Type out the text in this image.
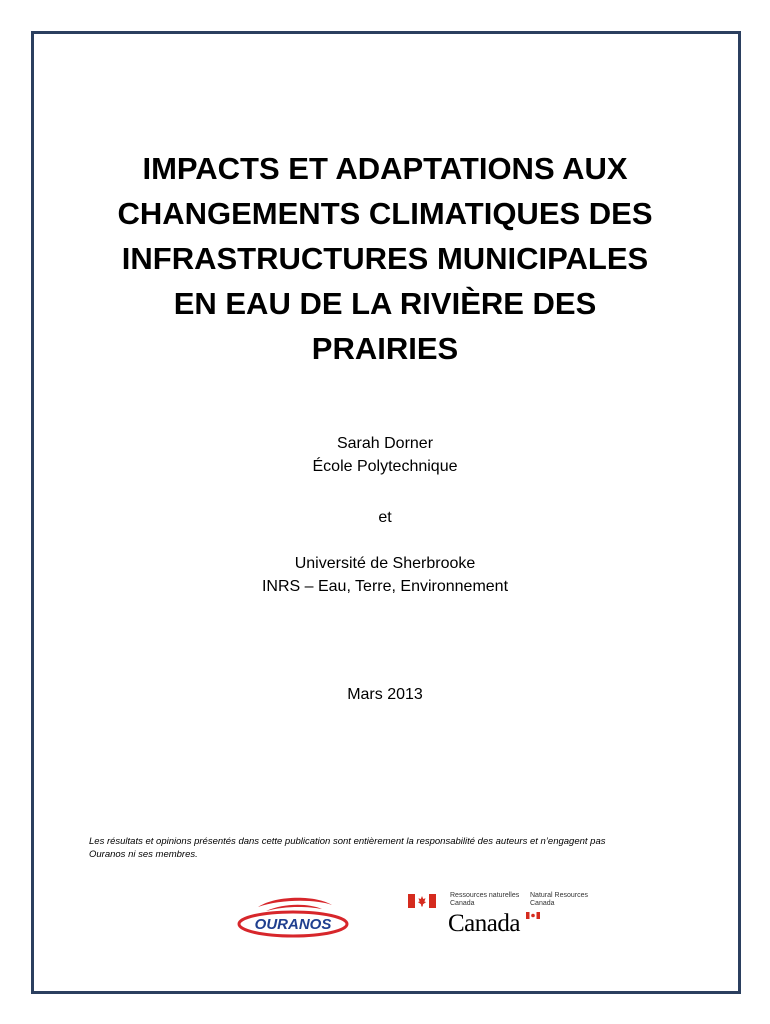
IMPACTS ET ADAPTATIONS AUX
CHANGEMENTS CLIMATIQUES DES
INFRASTRUCTURES MUNICIPALES
EN EAU DE LA RIVIÈRE DES
PRAIRIES
Sarah Dorner
École Polytechnique
et
Université de Sherbrooke
INRS – Eau, Terre, Environnement
Mars 2013
Les résultats et opinions présentés dans cette publication sont entièrement la responsabilité des auteurs et n’engagent pas
Ouranos ni ses membres.
OURANOS
Ressources naturelles
Canada
Natural Resources
Canada
Canada
